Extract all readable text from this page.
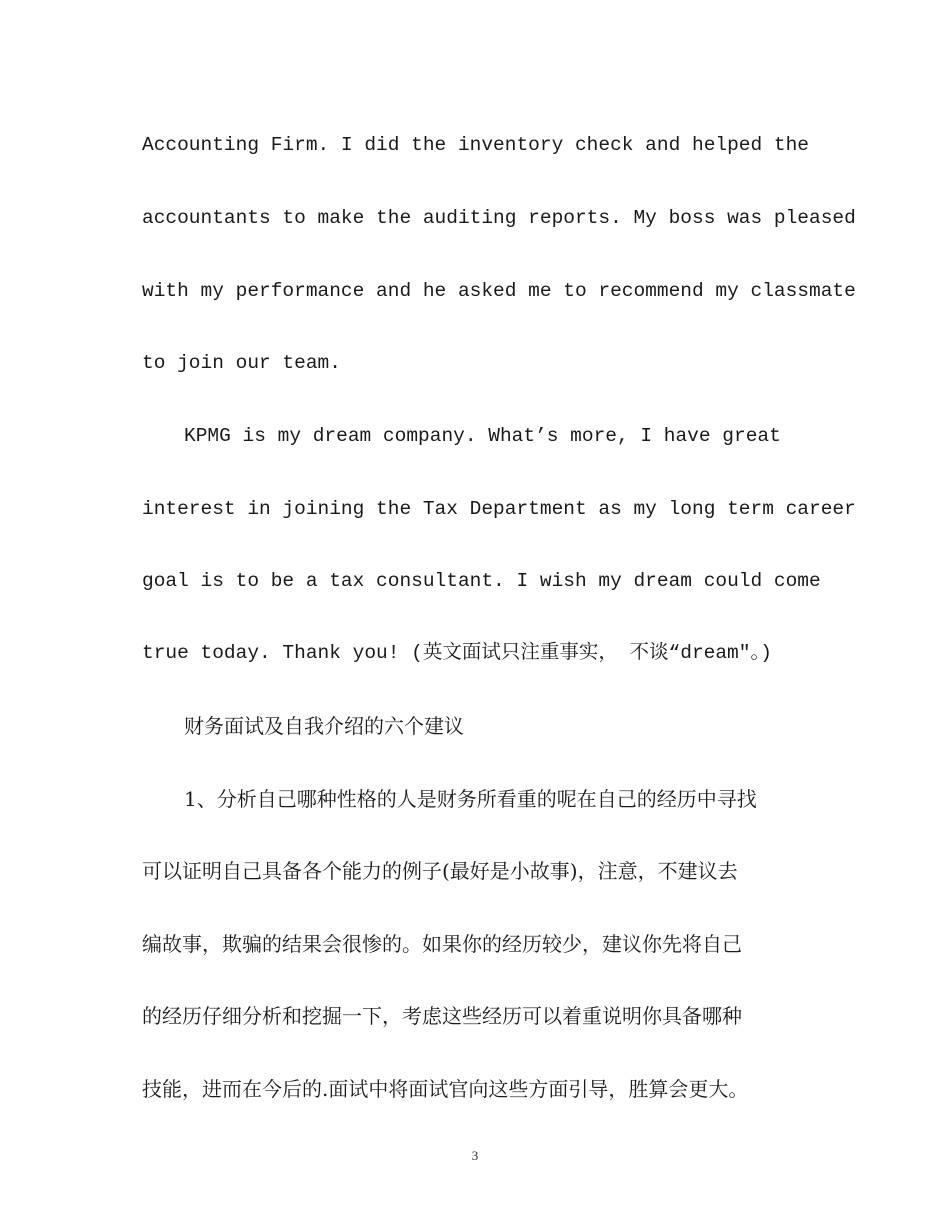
Accounting Firm. I did the inventory check and helped the
accountants to make the auditing reports. My boss was pleased
with my performance and he asked me to recommend my classmate
to join our team.
KPMG is my dream company. What’s more, I have great
interest in joining the Tax Department as my long term career
goal is to be a tax consultant. I wish my dream could come
true today. Thank you! (英文面试只注重事实， 不谈“dream″。)
财务面试及自我介绍的六个建议
1、分析自己哪种性格的人是财务所看重的呢在自己的经历中寻找
可以证明自己具备各个能力的例子(最好是小故事)，注意，不建议去
编故事，欺骗的结果会很惨的。如果你的经历较少，建议你先将自己
的经历仔细分析和挖掘一下，考虑这些经历可以着重说明你具备哪种
技能，进而在今后的.面试中将面试官向这些方面引导，胜算会更大。
3
